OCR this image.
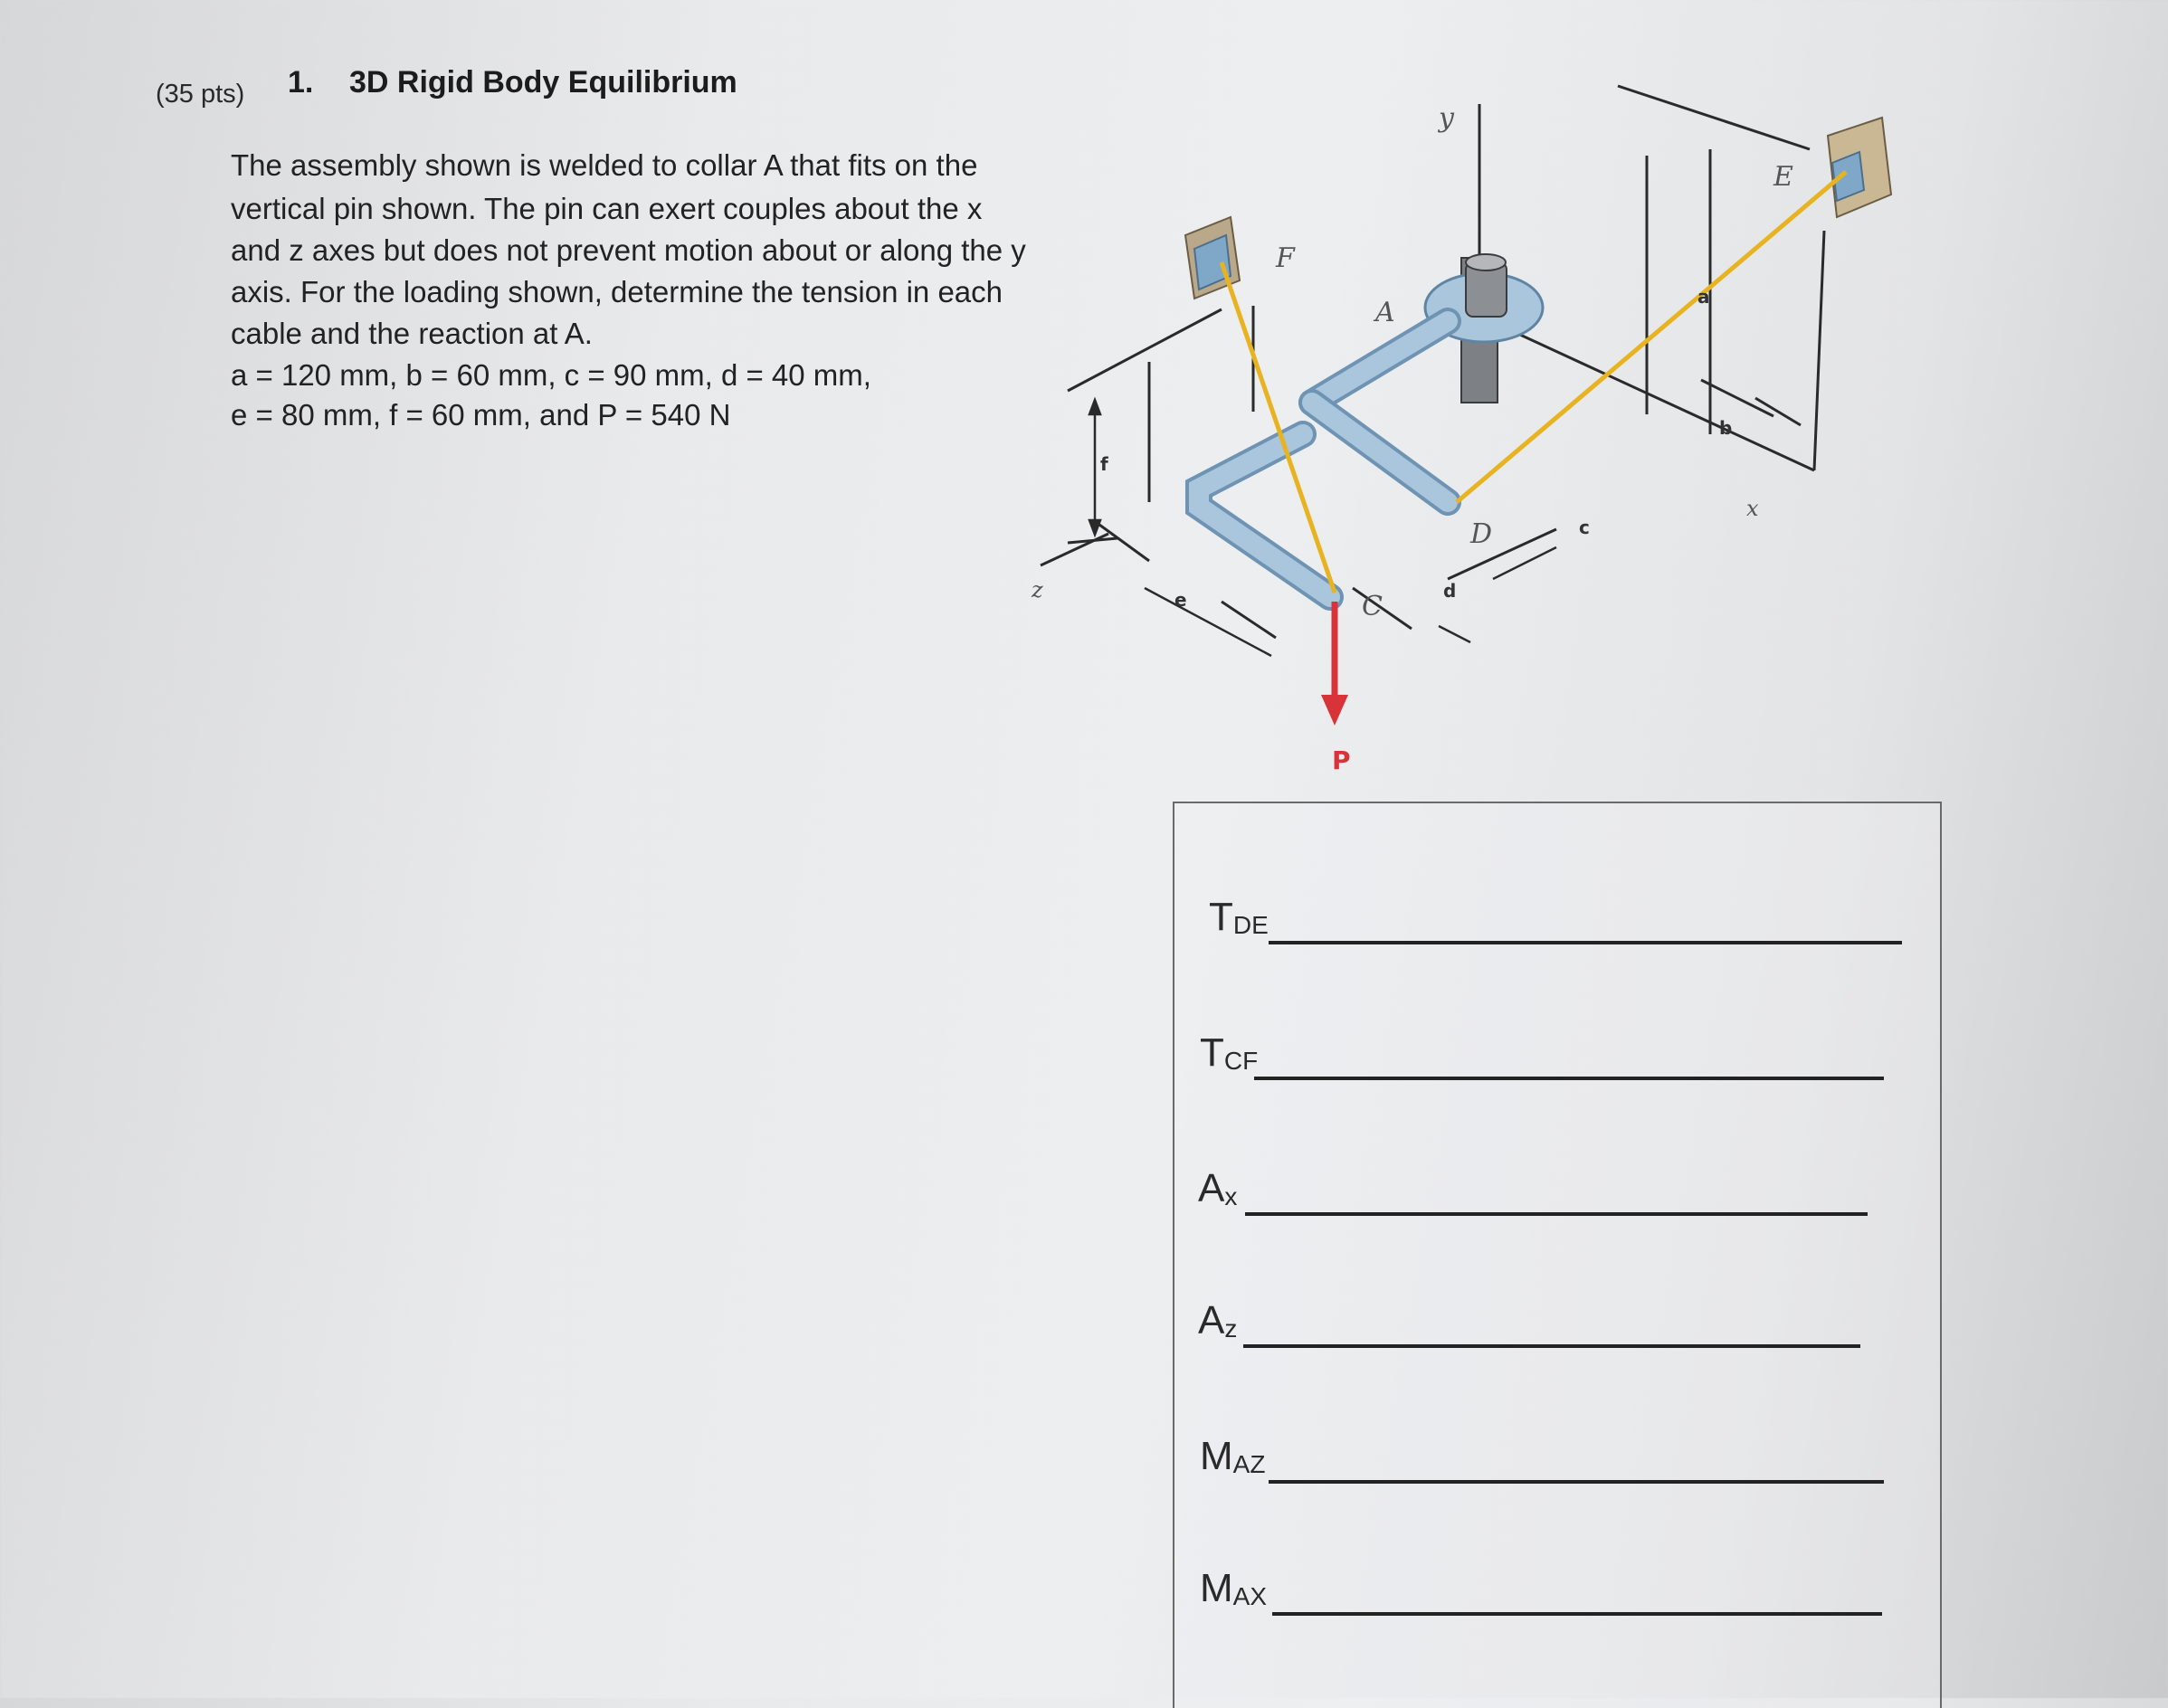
(35 pts) 1. 3D Rigid Body Equilibrium
The assembly shown is welded to collar A that fits on the
vertical pin shown. The pin can exert couples about the x
and z axes but does not prevent motion about or along the y
axis. For the loading shown, determine the tension in each
cable and the reaction at A.
a = 120 mm, b = 60 mm, c = 90 mm, d = 40 mm,
e = 80 mm, f = 60 mm, and P = 540 N
y
F
A
E
D
C
x
z
a
b
c
d
e
f
P
$T_{DE}$
$T_{CF}$
$A_x$
$A_z$
$M_{AZ}$
$M_{AX}$
